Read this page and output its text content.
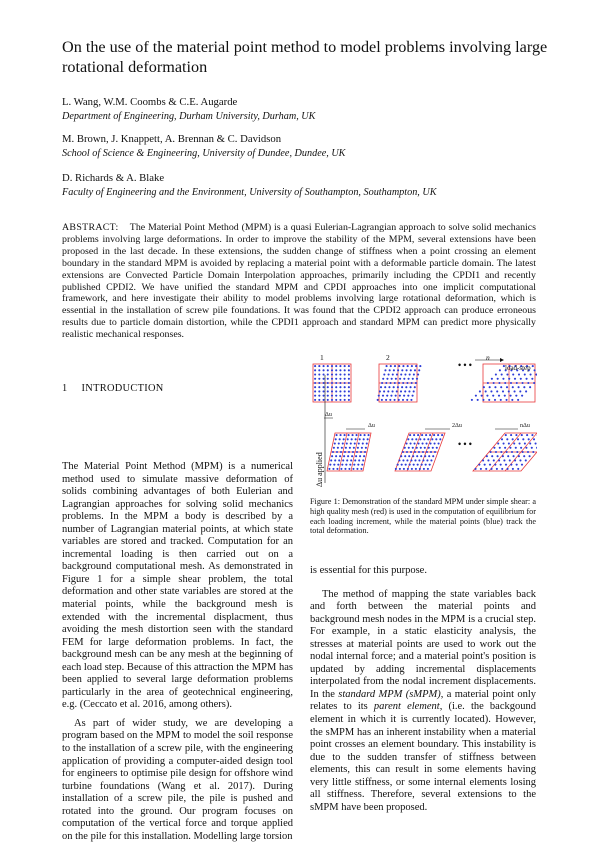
On the use of the material point method to model problems involving large rotational deformation
L. Wang, W.M. Coombs & C.E. Augarde
Department of Engineering, Durham University, Durham, UK
M. Brown, J. Knappett, A. Brennan & C. Davidson
School of Science & Engineering, University of Dundee, Dundee, UK
D. Richards & A. Blake
Faculty of Engineering and the Environment, University of Southampton, Southampton, UK
ABSTRACT: The Material Point Method (MPM) is a quasi Eulerian-Lagrangian approach to solve solid mechanics problems involving large deformations. In order to improve the stability of the MPM, several extensions have been proposed in the last decade. In these extensions, the sudden change of stiffness when a point crossing an element boundary in the standard MPM is avoided by replacing a material point with a deformable particle domain. The latest extensions are Convected Particle Domain Interpolation approaches, primarily including the CPDI1 and recently published CPDI2. We have unified the standard MPM and CPDI approaches into one implicit computational framework, and here investigate their ability to model problems involving large rotational deformation, which is essential in the installation of screw pile foundations. It was found that the CPDI2 approach can produce erroneous results due to particle domain distortion, while the CPDI1 approach and standard MPM can predict more physically realistic mechanical responses.
1 INTRODUCTION

The Material Point Method (MPM) is a numerical method used to simulate massive deformation of solids combining advantages of both Eulerian and Lagrangian approaches for solving solid mechanics problems. In the MPM a body is described by a number of Lagrangian material points, at which state variables are stored and tracked. Computation for an incremental loading is then carried out on a background computational mesh. As demonstrated in Figure 1 for a simple shear problem, the total deformation and other state variables are stored at the material points, while the background mesh is extended with the incremental displacment, thus avoiding the mesh distortion seen with the standard FEM for large deformation problems. In fact, the background mesh can be any mesh at the beginning of each load step. Because of this attraction the MPM has been applied to several large deformation problems particularly in the area of geotechnical engineering, e.g. (Ceccato et al. 2016, among others).

As part of wider study, we are developing a program based on the MPM to model the soil response to the installation of a screw pile, with the engineering application of providing a computer-aided design tool for engineers to optimise pile design for offshore wind turbine foundations (Wang et al. 2017). During installation of a screw pile, the pile is pushed and rotated into the ground. Our program focuses on computation of the vertical force and torque applied on the pile for this installation. Modelling large torsion

1	2	n
load-step
• • •
• • •
Δu applied
Δu
Δu	2Δu	nΔu
Figure 1: Demonstration of the standard MPM under simple shear: a high quality mesh (red) is used in the computation of equilibrium for each loading increment, while the material points (blue) track the total deformation.

is essential for this purpose.

The method of mapping the state variables back and forth between the material points and background mesh nodes in the MPM is a crucial step. For example, in a static elasticity analysis, the stresses at material points are used to work out the nodal internal force; and a material point's position is updated by adding incremental displacements interpolated from the nodal increment displacements. In the standard MPM (sMPM), a material point only relates to its parent element, (i.e. the backgound element in which it is currently located). However, the sMPM has an inherent instability when a material point crosses an element boundary. This instability is due to the sudden transfer of stiffness between elements, this can result in some elements having very little stiffness, or some internal elements losing all stiffness. Therefore, several extensions to the sMPM have been proposed.
